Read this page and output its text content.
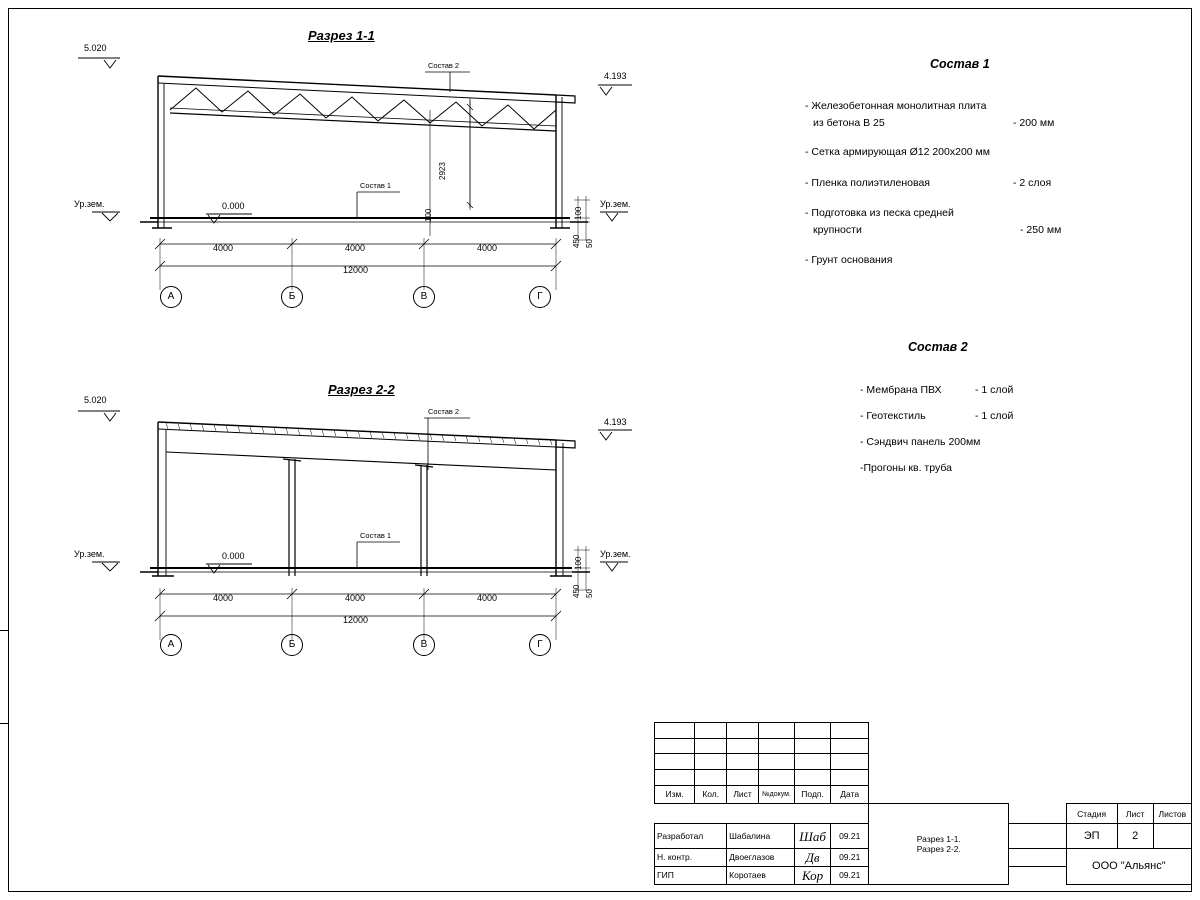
Разрез 1-1
5.020
4.193
0.000
Ур.зем.	Ур.зем.
Состав 2
Состав 1
2923
100
450 50
100
4000	4000	4000
12000
А	Б	В	Г
Разрез 2-2
5.020
4.193
0.000
Ур.зем.	Ур.зем.
Состав 2
Состав 1
100
450 50
4000	4000	4000
12000
А	Б	В	Г
Состав 1
- Железобетонная монолитная плита
из бетона В 25	- 200 мм
- Сетка армирующая Ø12 200х200 мм
- Пленка полиэтиленовая	- 2 слоя
- Подготовка из песка средней
крупности	- 250 мм
- Грунт основания
Состав 2
- Мембрана ПВХ	- 1 слой
- Геотекстиль	- 1 слой
- Сэндвич панель 200мм
-Прогоны кв. труба

Изм.	Кол.	Лист	№докум.	Подп.	Дата					

						Разрез 1-1.
Разрез 2-2.		Стадия	Лист	Листов
Разработал		Шабалина		Шаб	09.21			ЭП	2	
Н. контр.		Двоеглазов		Дв	09.21			ООО "Альянс"		
ГИП		Коротаев		Кор	09.21					
